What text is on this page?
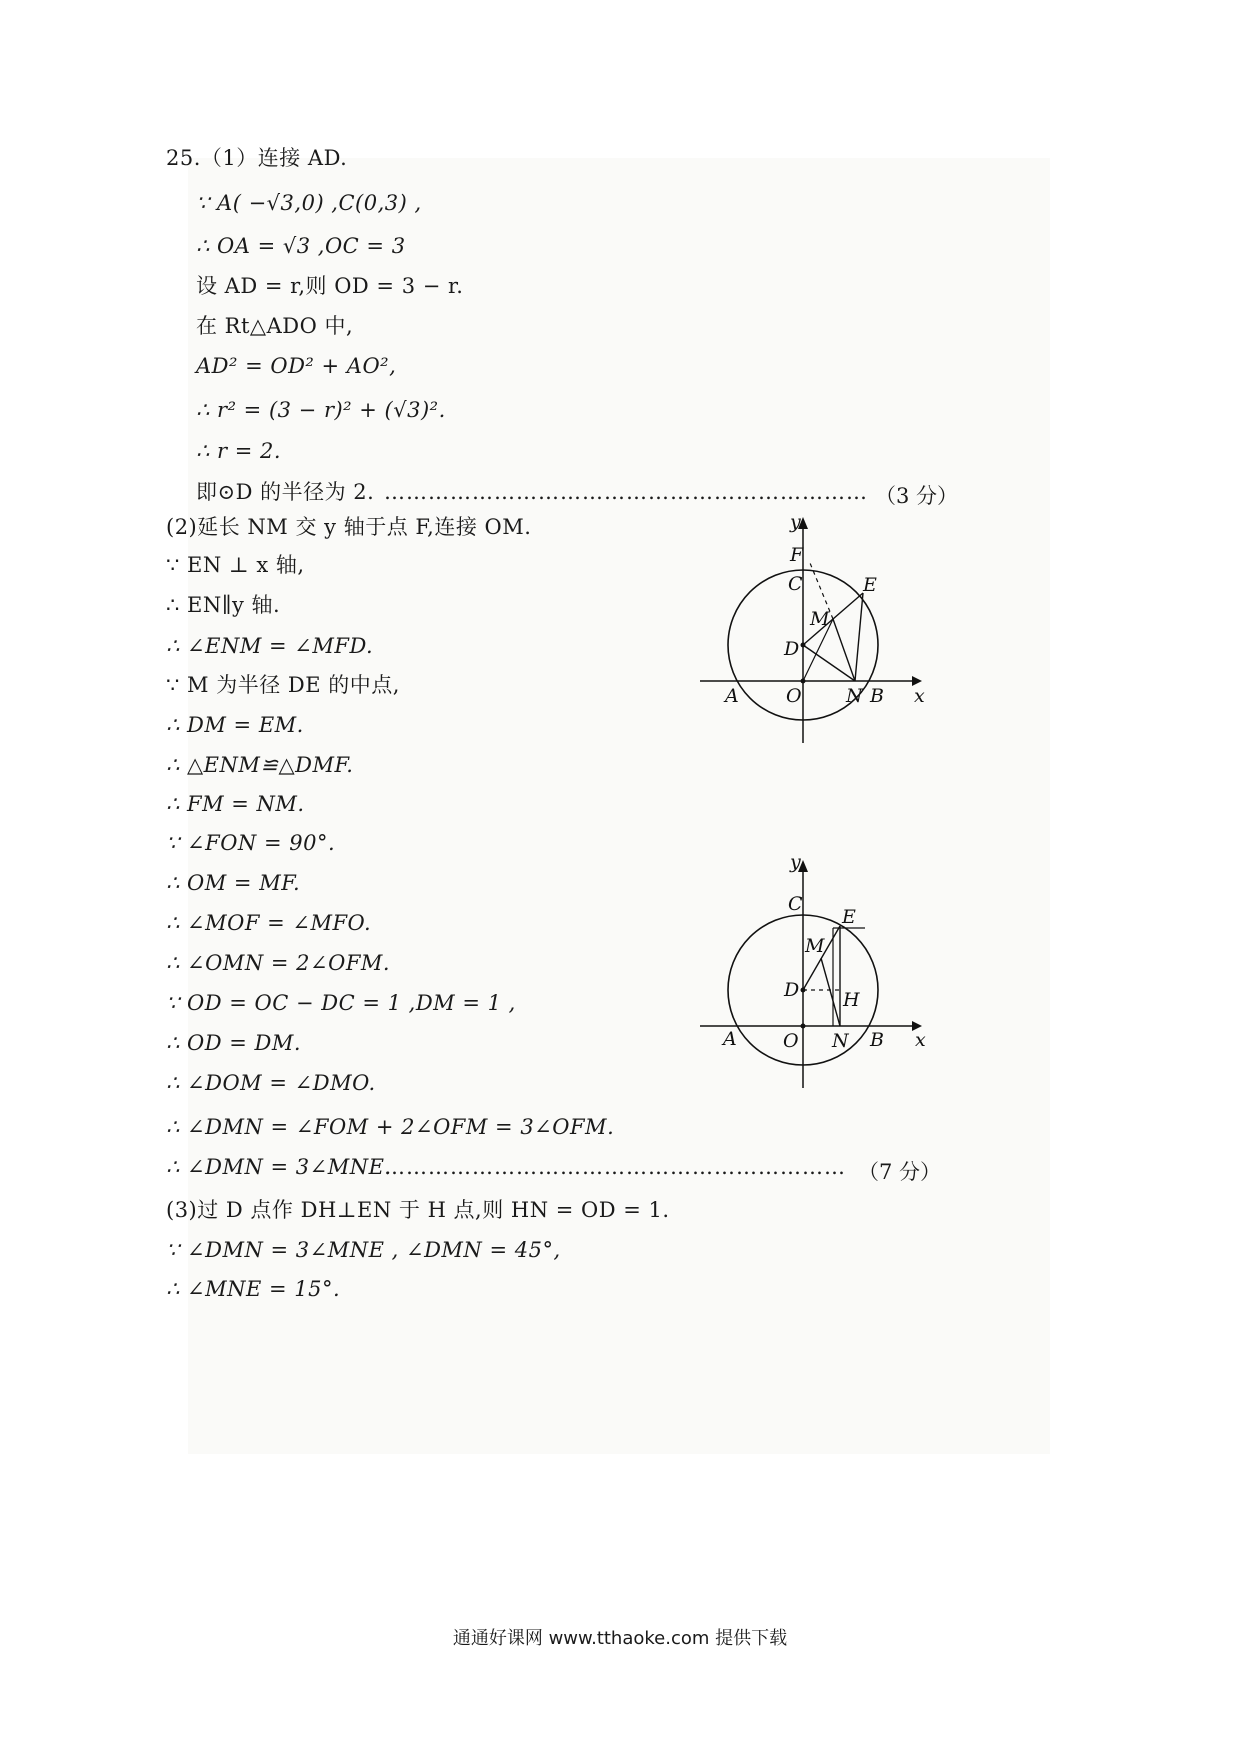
25.（1）连接 AD.
∵ A( −√3,0) ,C(0,3) ,
∴ OA = √3 ,OC = 3
设 AD = r,则 OD = 3 − r.
在 Rt△ADO 中,
AD² = OD² + AO²,
∴ r² = (3 − r)² + (√3)².
∴ r = 2.
即⊙D 的半径为 2.
(2)延长 NM 交 y 轴于点 F,连接 OM.
∵ EN ⊥ x 轴,
∴ EN∥y 轴.
∴ ∠ENM = ∠MFD.
∵ M 为半径 DE 的中点,
∴ DM = EM.
∴ △ENM≌△DMF.
∴ FM = NM.
∵ ∠FON = 90°.
∴ OM = MF.
∴ ∠MOF = ∠MFO.
∴ ∠OMN = 2∠OFM.
∵ OD = OC − DC = 1 ,DM = 1 ,
∴ OD = DM.
∴ ∠DOM = ∠DMO.
∴ ∠DMN = ∠FOM + 2∠OFM = 3∠OFM.
∴ ∠DMN = 3∠MNE.
(3)过 D 点作 DH⊥EN 于 H 点,则 HN = OD = 1.
∵ ∠DMN = 3∠MNE , ∠DMN = 45°,
∴ ∠MNE = 15°.
………………………………………………………… （3 分）
……………………………………………………… （7 分）
y
F
C	E
M
D
A O N B x
y
C
E
M
D H
A O N B x
通通好课网 www.tthaoke.com 提供下载
